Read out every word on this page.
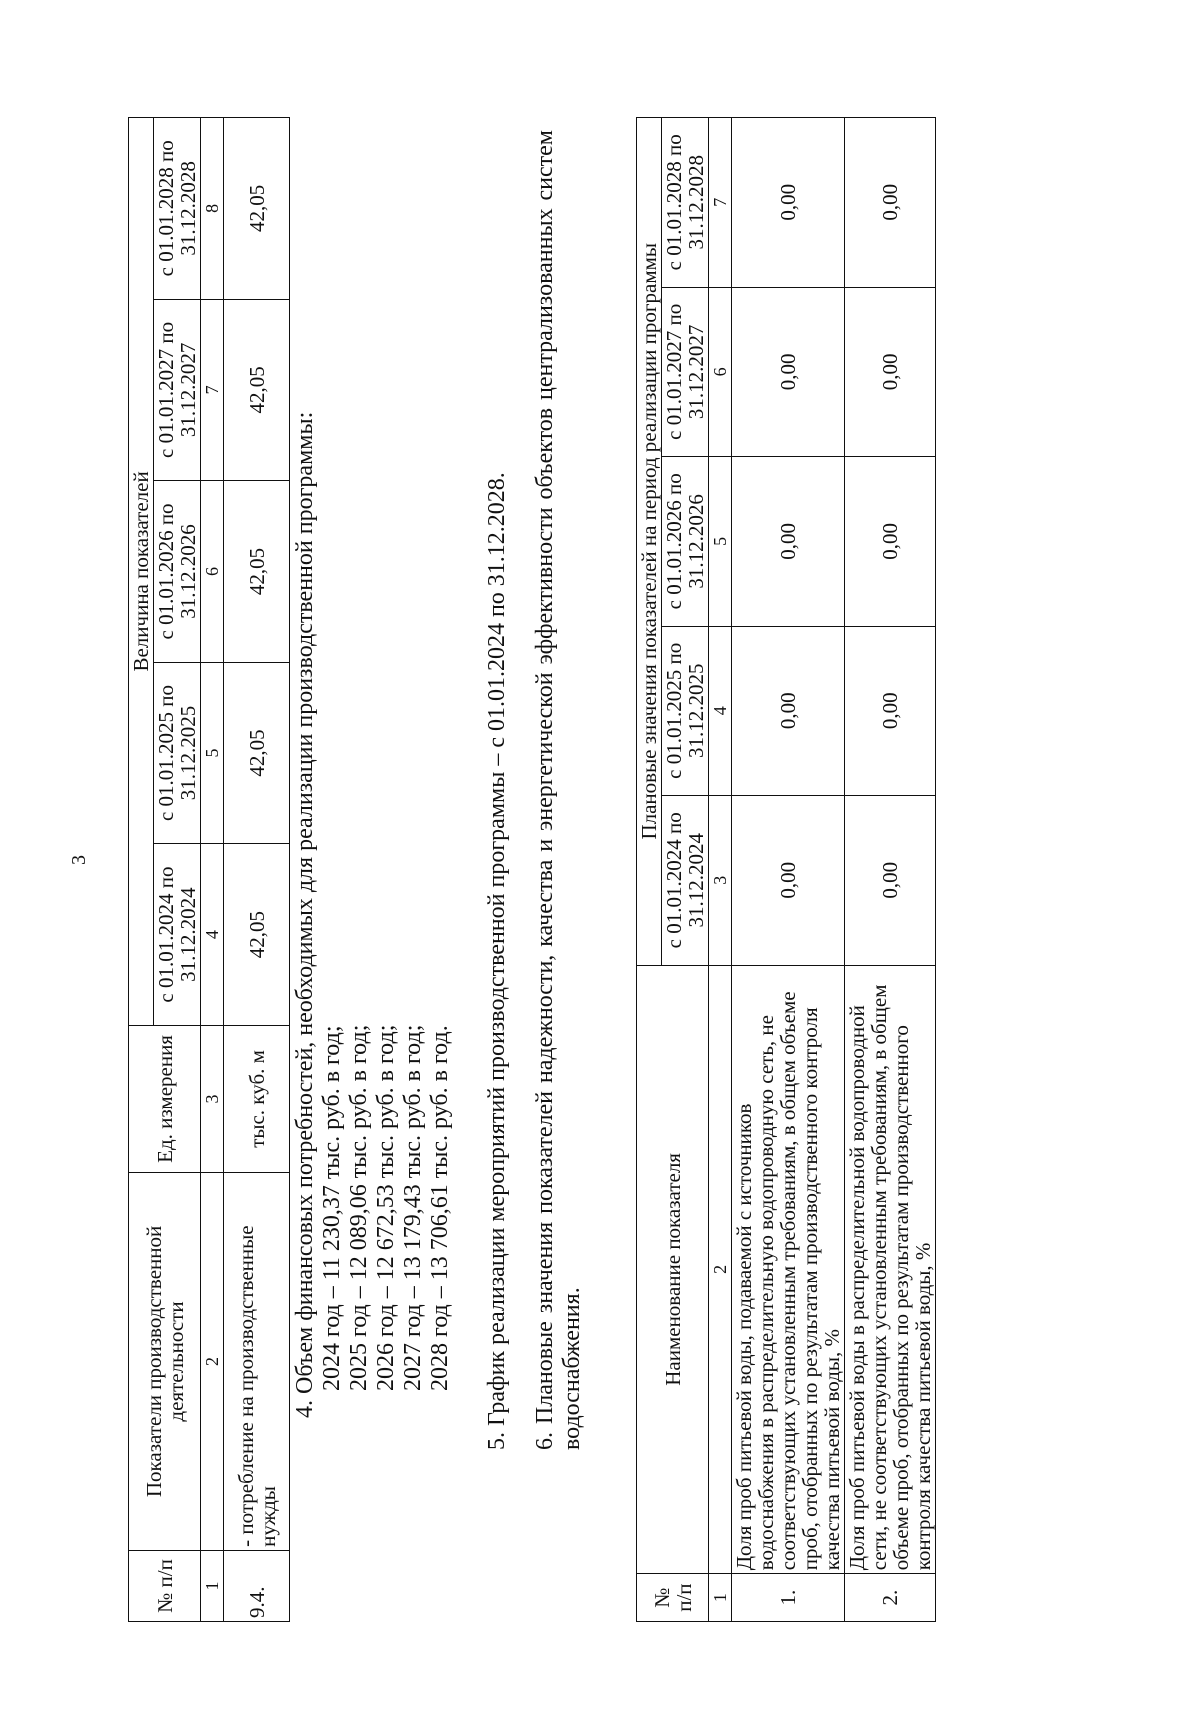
3
№ п/п	Показатели производственной деятельности	Ед. измерения	Величина показателей				
			с 01.01.2024 по 31.12.2024	с 01.01.2025 по 31.12.2025	с 01.01.2026 по 31.12.2026	с 01.01.2027 по 31.12.2027	с 01.01.2028 по 31.12.2028
1	2	3	4	5	6	7	8
9.4.	- потребление на производственные нужды	тыс. куб. м	42,05	42,05	42,05	42,05	42,05
4. Объем финансовых потребностей, необходимых для реализации производственной программы: 2024 год – 11 230,37 тыс. руб. в год; 2025 год – 12 089,06 тыс. руб. в год; 2026 год – 12 672,53 тыс. руб. в год; 2027 год – 13 179,43 тыс. руб. в год; 2028 год – 13 706,61 тыс. руб. в год. 5. График реализации мероприятий производственной программы – с 01.01.2024 по 31.12.2028. 6. Плановые значения показателей надежности, качества и энергетической эффективности объектов централизованных систем водоснабжения.
№ п/п	Наименование показателя	Плановые значения показателей на период реализации программы				
		с 01.01.2024 по 31.12.2024	с 01.01.2025 по 31.12.2025	с 01.01.2026 по 31.12.2026	с 01.01.2027 по 31.12.2027	с 01.01.2028 по 31.12.2028
1	2	3	4	5	6	7
1.	Доля проб питьевой воды, подаваемой с источников водоснабжения в распределительную водопроводную сеть, не соответствующих установленным требованиям, в общем объеме проб, отобранных по результатам производственного контроля качества питьевой воды, %	0,00	0,00	0,00	0,00	0,00
2.	Доля проб питьевой воды в распределительной водопроводной сети, не соответствующих установленным требованиям, в общем объеме проб, отобранных по результатам производственного контроля качества питьевой воды, %	0,00	0,00	0,00	0,00	0,00
